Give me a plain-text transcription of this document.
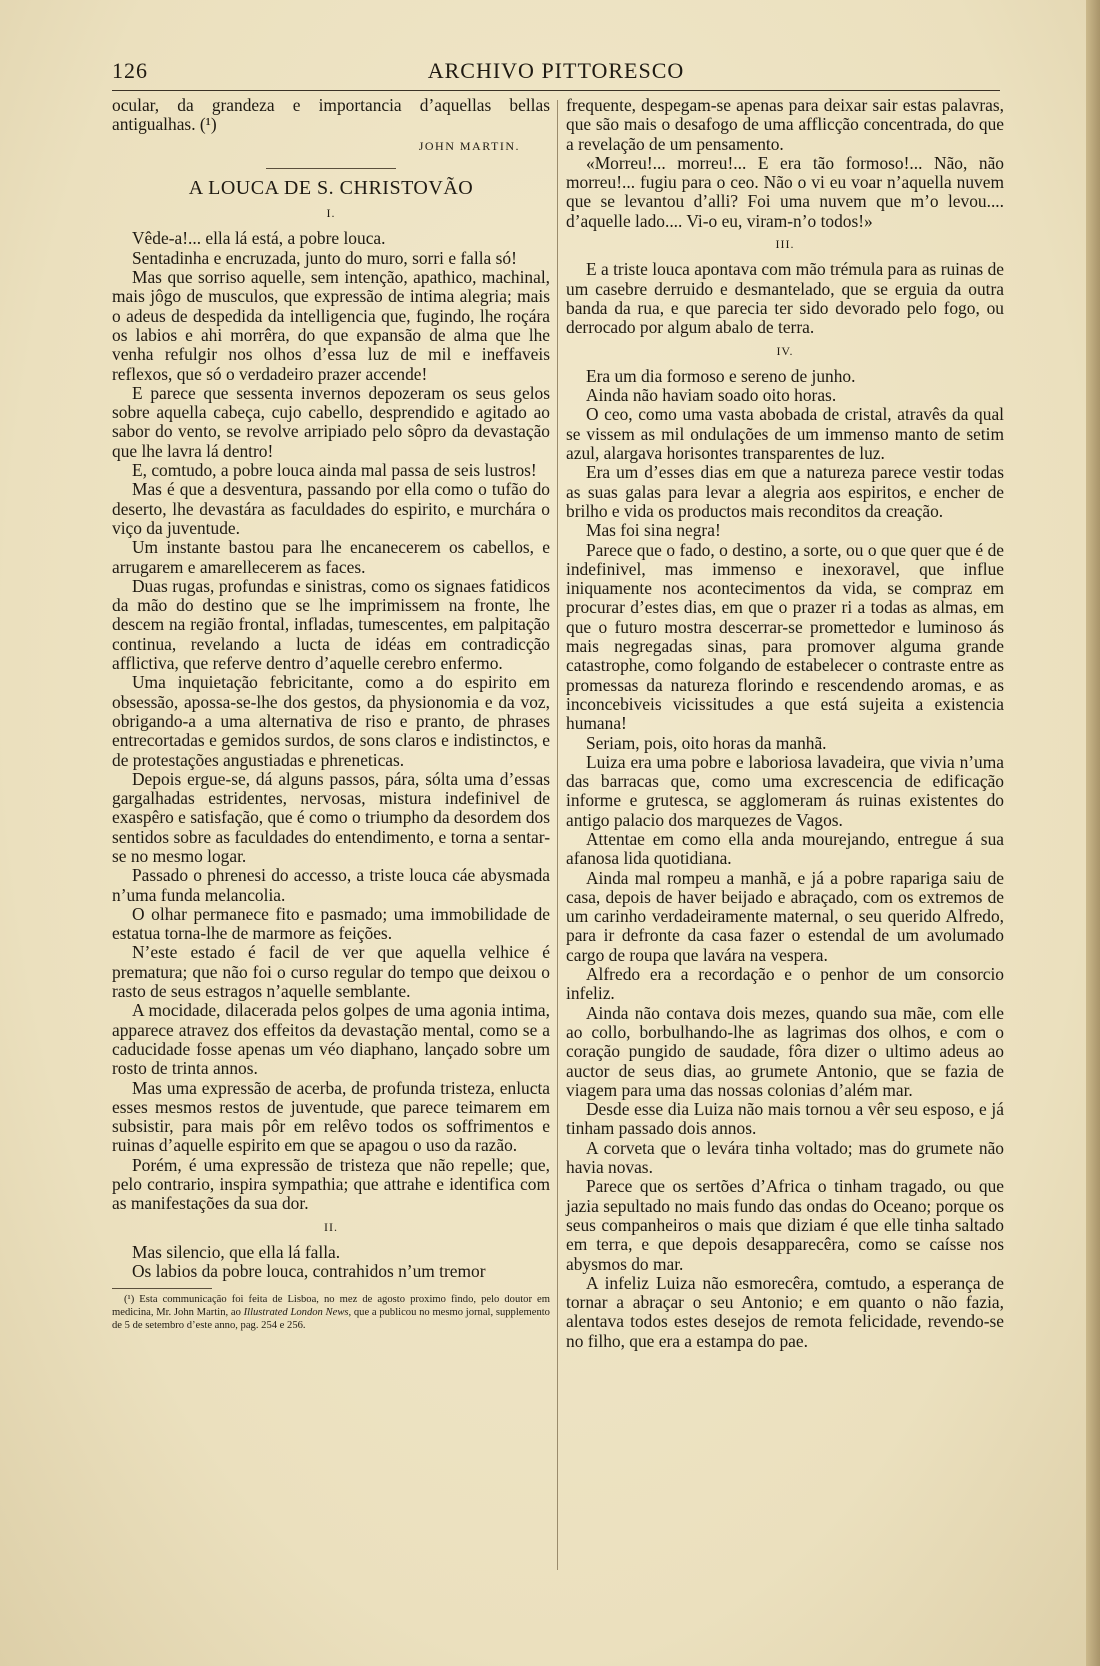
126	ARCHIVO PITTORESCO

ocular, da grandeza e importancia d’aquellas bellas antigualhas. (¹)

JOHN MARTIN.

A LOUCA DE S. CHRISTOVÃO

I.

Vêde-a!... ella lá está, a pobre louca.

Sentadinha e encruzada, junto do muro, sorri e falla só!

Mas que sorriso aquelle, sem intenção, apathico, machinal, mais jôgo de musculos, que expressão de intima alegria; mais o adeus de despedida da intelligencia que, fugindo, lhe roçára os labios e ahi morrêra, do que expansão de alma que lhe venha refulgir nos olhos d’essa luz de mil e ineffaveis reflexos, que só o verdadeiro prazer accende!

E parece que sessenta invernos depozeram os seus gelos sobre aquella cabeça, cujo cabello, desprendido e agitado ao sabor do vento, se revolve arripiado pelo sôpro da devastação que lhe lavra lá dentro!

E, comtudo, a pobre louca ainda mal passa de seis lustros!

Mas é que a desventura, passando por ella como o tufão do deserto, lhe devastára as faculdades do espirito, e murchára o viço da juventude.

Um instante bastou para lhe encanecerem os cabellos, e arrugarem e amarellecerem as faces.

Duas rugas, profundas e sinistras, como os signaes fatidicos da mão do destino que se lhe imprimissem na fronte, lhe descem na região frontal, infladas, tumescentes, em palpitação continua, revelando a lucta de idéas em contradicção afflictiva, que referve dentro d’aquelle cerebro enfermo.

Uma inquietação febricitante, como a do espirito em obsessão, apossa-se-lhe dos gestos, da physionomia e da voz, obrigando-a a uma alternativa de riso e pranto, de phrases entrecortadas e gemidos surdos, de sons claros e indistinctos, e de protestações angustiadas e phreneticas.

Depois ergue-se, dá alguns passos, pára, sólta uma d’essas gargalhadas estridentes, nervosas, mistura indefinivel de exaspêro e satisfação, que é como o triumpho da desordem dos sentidos sobre as faculdades do entendimento, e torna a sentar-se no mesmo logar.

Passado o phrenesi do accesso, a triste louca cáe abysmada n’uma funda melancolia.

O olhar permanece fito e pasmado; uma immobilidade de estatua torna-lhe de marmore as feições.

N’este estado é facil de ver que aquella velhice é prematura; que não foi o curso regular do tempo que deixou o rasto de seus estragos n’aquelle semblante.

A mocidade, dilacerada pelos golpes de uma agonia intima, apparece atravez dos effeitos da devastação mental, como se a caducidade fosse apenas um véo diaphano, lançado sobre um rosto de trinta annos.

Mas uma expressão de acerba, de profunda tristeza, enlucta esses mesmos restos de juventude, que parece teimarem em subsistir, para mais pôr em relêvo todos os soffrimentos e ruinas d’aquelle espirito em que se apagou o uso da razão.

Porém, é uma expressão de tristeza que não repelle; que, pelo contrario, inspira sympathia; que attrahe e identifica com as manifestações da sua dor.

II.

Mas silencio, que ella lá falla.

Os labios da pobre louca, contrahidos n’um tremor

(¹) Esta communicação foi feita de Lisboa, no mez de agosto proximo findo, pelo doutor em medicina, Mr. John Martin, ao Illustrated London News, que a publicou no mesmo jornal, supplemento de 5 de setembro d’este anno, pag. 254 e 256.

frequente, despegam-se apenas para deixar sair estas palavras, que são mais o desafogo de uma afflicção concentrada, do que a revelação de um pensamento.

«Morreu!... morreu!... E era tão formoso!... Não, não morreu!... fugiu para o ceo. Não o vi eu voar n’aquella nuvem que se levantou d’alli? Foi uma nuvem que m’o levou.... d’aquelle lado.... Vi-o eu, viram-n’o todos!»

III.

E a triste louca apontava com mão trémula para as ruinas de um casebre derruido e desmantelado, que se erguia da outra banda da rua, e que parecia ter sido devorado pelo fogo, ou derrocado por algum abalo de terra.

IV.

Era um dia formoso e sereno de junho.

Ainda não haviam soado oito horas.

O ceo, como uma vasta abobada de cristal, atravês da qual se vissem as mil ondulações de um immenso manto de setim azul, alargava horisontes transparentes de luz.

Era um d’esses dias em que a natureza parece vestir todas as suas galas para levar a alegria aos espiritos, e encher de brilho e vida os productos mais reconditos da creação.

Mas foi sina negra!

Parece que o fado, o destino, a sorte, ou o que quer que é de indefinivel, mas immenso e inexoravel, que influe iniquamente nos acontecimentos da vida, se compraz em procurar d’estes dias, em que o prazer ri a todas as almas, em que o futuro mostra descerrar-se promettedor e luminoso ás mais negregadas sinas, para promover alguma grande catastrophe, como folgando de estabelecer o contraste entre as promessas da natureza florindo e rescendendo aromas, e as inconcebiveis vicissitudes a que está sujeita a existencia humana!

Seriam, pois, oito horas da manhã.

Luiza era uma pobre e laboriosa lavadeira, que vivia n’uma das barracas que, como uma excrescencia de edificação informe e grutesca, se agglomeram ás ruinas existentes do antigo palacio dos marquezes de Vagos.

Attentae em como ella anda mourejando, entregue á sua afanosa lida quotidiana.

Ainda mal rompeu a manhã, e já a pobre rapariga saiu de casa, depois de haver beijado e abraçado, com os extremos de um carinho verdadeiramente maternal, o seu querido Alfredo, para ir defronte da casa fazer o estendal de um avolumado cargo de roupa que lavára na vespera.

Alfredo era a recordação e o penhor de um consorcio infeliz.

Ainda não contava dois mezes, quando sua mãe, com elle ao collo, borbulhando-lhe as lagrimas dos olhos, e com o coração pungido de saudade, fôra dizer o ultimo adeus ao auctor de seus dias, ao grumete Antonio, que se fazia de viagem para uma das nossas colonias d’além mar.

Desde esse dia Luiza não mais tornou a vêr seu esposo, e já tinham passado dois annos.

A corveta que o levára tinha voltado; mas do grumete não havia novas.

Parece que os sertões d’Africa o tinham tragado, ou que jazia sepultado no mais fundo das ondas do Oceano; porque os seus companheiros o mais que diziam é que elle tinha saltado em terra, e que depois desapparecêra, como se caísse nos abysmos do mar.

A infeliz Luiza não esmorecêra, comtudo, a esperança de tornar a abraçar o seu Antonio; e em quanto o não fazia, alentava todos estes desejos de remota felicidade, revendo-se no filho, que era a estampa do pae.
